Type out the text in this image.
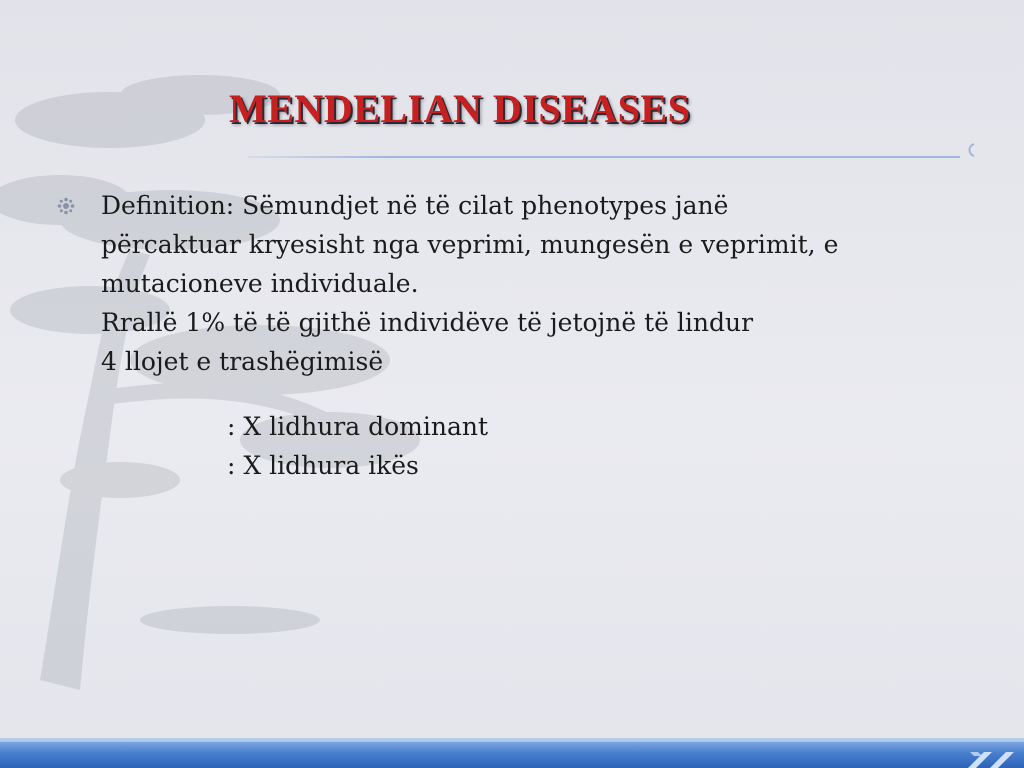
MENDELIAN DISEASES
Definition: Sëmundjet në të cilat phenotypes janë
përcaktuar kryesisht nga veprimi, mungesën e veprimit, e
mutacioneve individuale.
Rrallë 1% të të gjithë individëve të jetojnë të lindur
4 llojet e trashëgimisë
: X lidhura dominant
: X lidhura ikës
